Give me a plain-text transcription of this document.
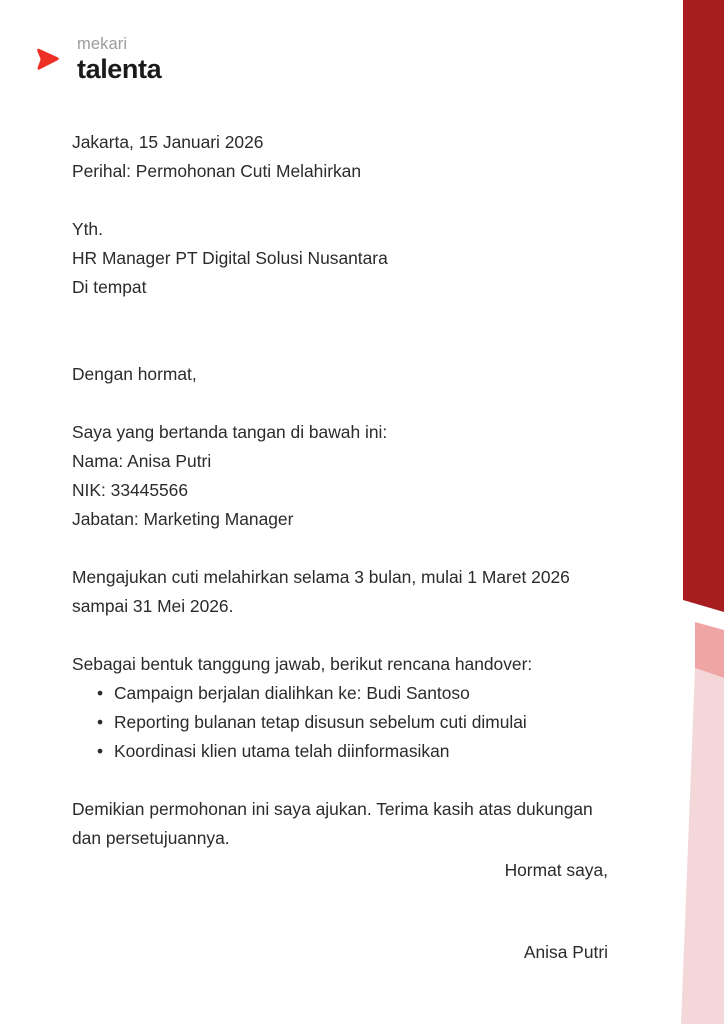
mekari
talenta
Jakarta, 15 Januari 2026
Perihal: Permohonan Cuti Melahirkan
Yth.
HR Manager PT Digital Solusi Nusantara
Di tempat
Dengan hormat,
Saya yang bertanda tangan di bawah ini:
Nama: Anisa Putri
NIK: 33445566
Jabatan: Marketing Manager
Mengajukan cuti melahirkan selama 3 bulan, mulai 1 Maret 2026 sampai 31 Mei 2026.
Sebagai bentuk tanggung jawab, berikut rencana handover:
• Campaign berjalan dialihkan ke: Budi Santoso
• Reporting bulanan tetap disusun sebelum cuti dimulai
• Koordinasi klien utama telah diinformasikan
Demikian permohonan ini saya ajukan. Terima kasih atas dukungan dan persetujuannya.
Hormat saya,
Anisa Putri
